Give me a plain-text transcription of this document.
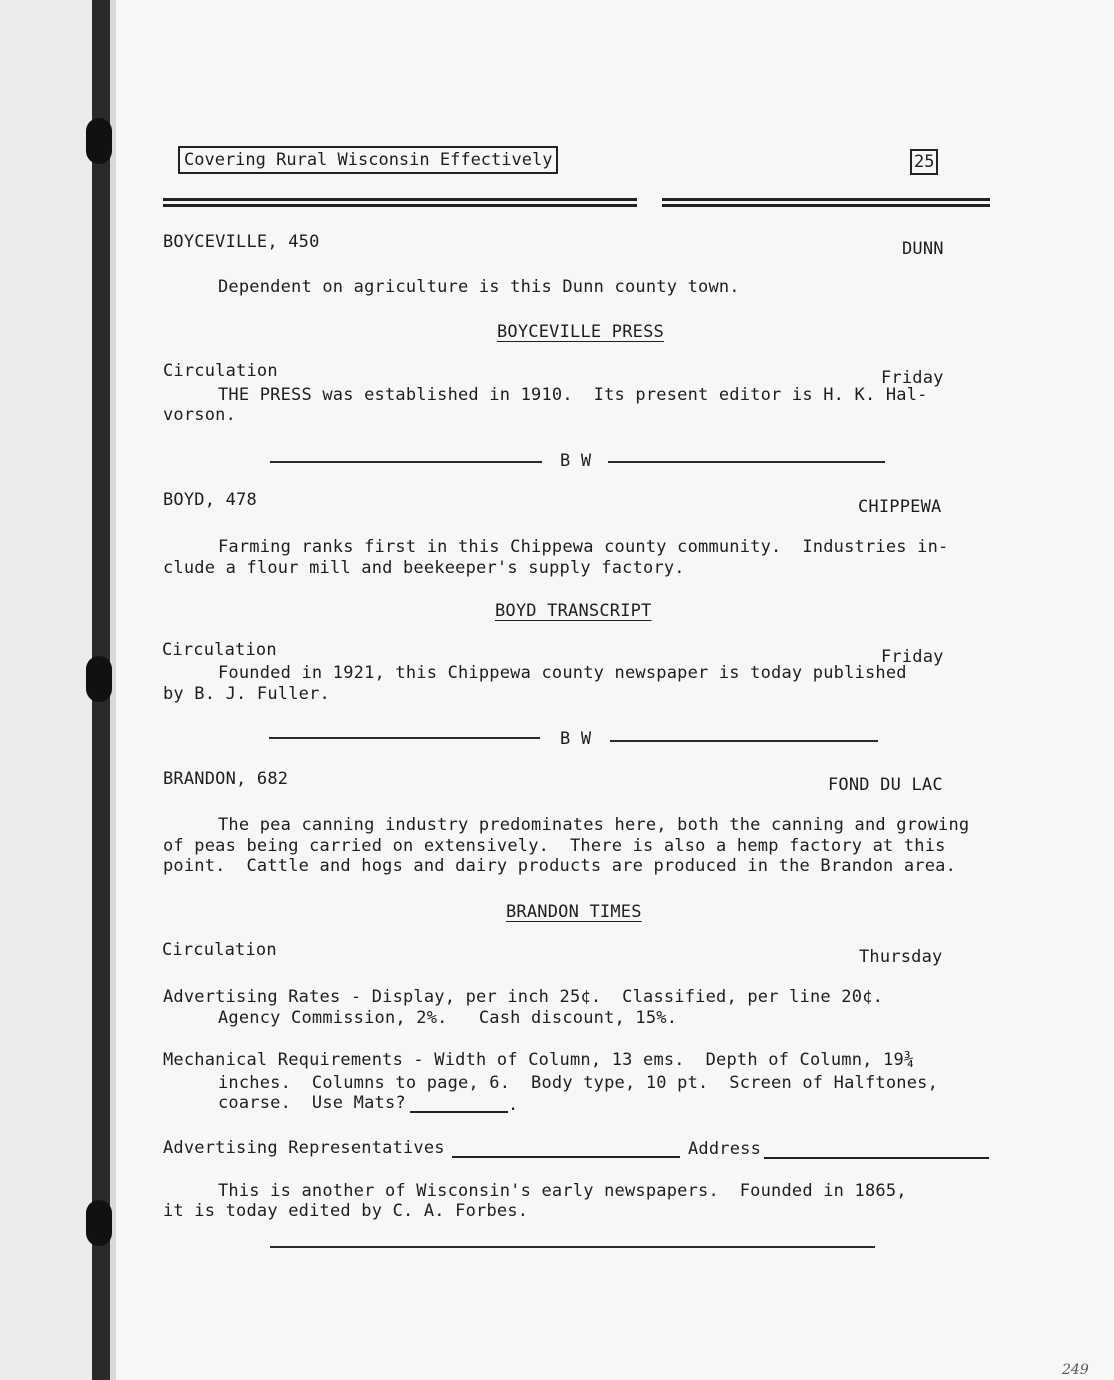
Covering Rural Wisconsin Effectively	25
BOYCEVILLE, 450	DUNN
Dependent on agriculture is this Dunn county town.
BOYCEVILLE PRESS
Circulation	Friday
THE PRESS was established in 1910.  Its present editor is H. K. Hal-
vorson.
B W
BOYD, 478	CHIPPEWA
Farming ranks first in this Chippewa county community.  Industries in-
clude a flour mill and beekeeper's supply factory.
BOYD TRANSCRIPT
Circulation	Friday
Founded in 1921, this Chippewa county newspaper is today published
by B. J. Fuller.
B W
BRANDON, 682	FOND DU LAC
The pea canning industry predominates here, both the canning and growing
of peas being carried on extensively.  There is also a hemp factory at this
point.  Cattle and hogs and dairy products are produced in the Brandon area.
BRANDON TIMES
Circulation	Thursday
Advertising Rates - Display, per inch 25¢.  Classified, per line 20¢.
Agency Commission, 2%.   Cash discount, 15%.
Mechanical Requirements - Width of Column, 13 ems.  Depth of Column, 19¾
inches.  Columns to page, 6.  Body type, 10 pt.  Screen of Halftones,
coarse.  Use Mats?	.
Advertising Representatives	Address
This is another of Wisconsin's early newspapers.  Founded in 1865,
it is today edited by C. A. Forbes.
249
